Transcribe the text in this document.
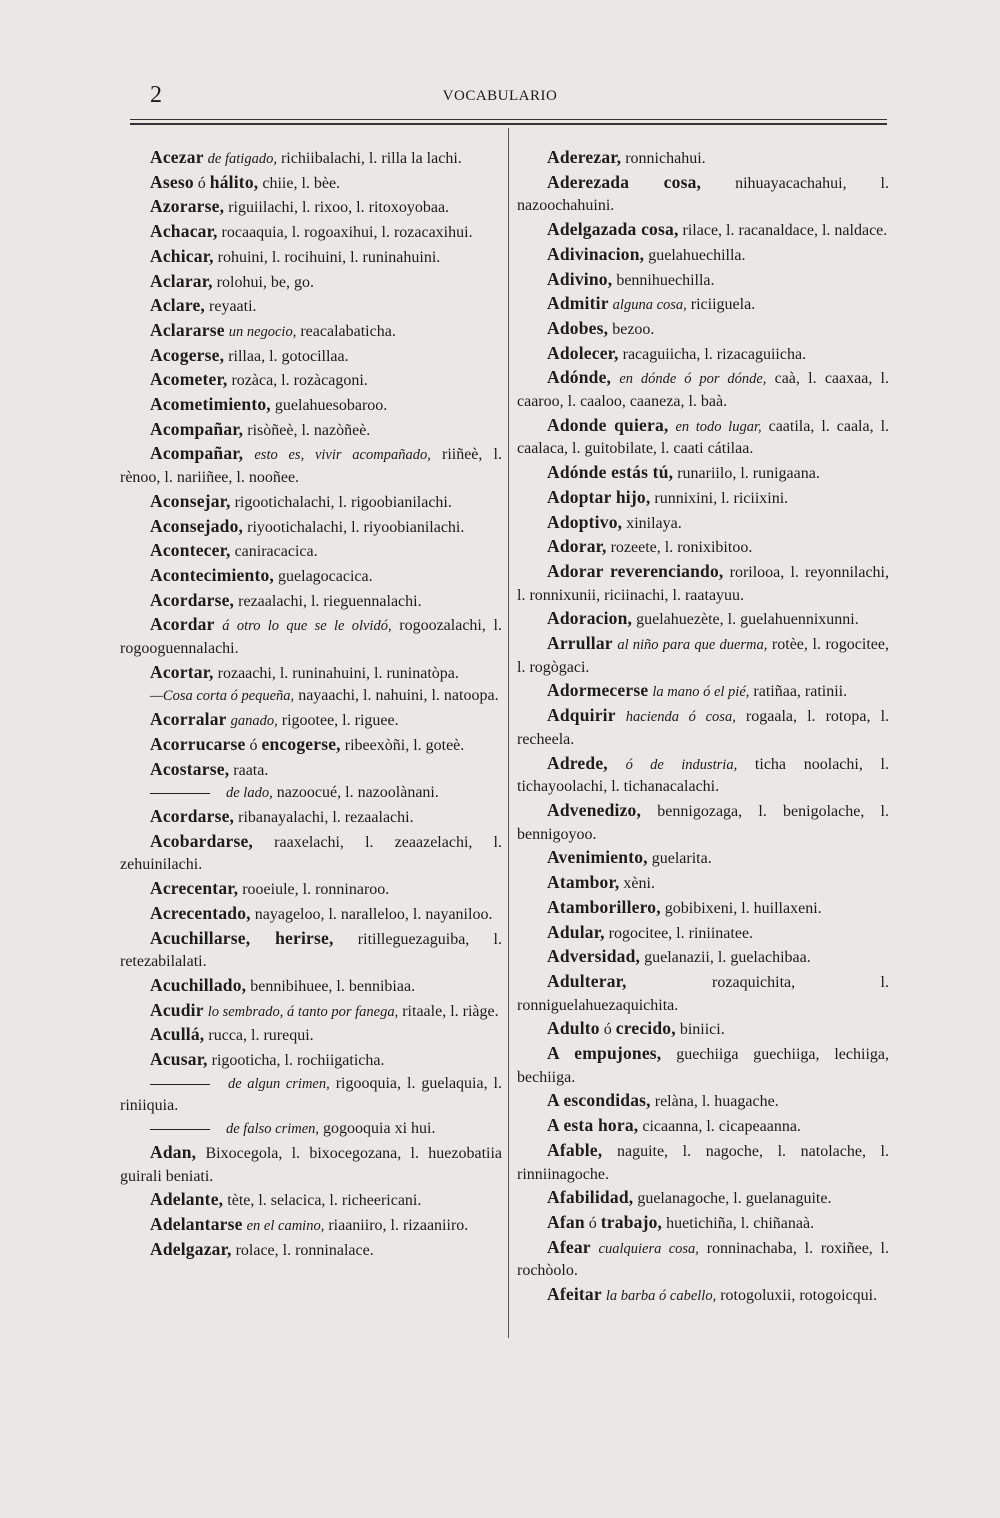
2	VOCABULARIO
Acezar de fatigado, richiibalachi, l. rilla la lachi.
Aseso ó hálito, chiie, l. bèe.
Azorarse, riguiilachi, l. rixoo, l. ritoxoyobaa.
Achacar, rocaaquia, l. rogoaxihui, l. rozacaxihui.
Achicar, rohuini, l. rocihuini, l. runinahuini.
Aclarar, rolohui, be, go.
Aclare, reyaati.
Aclararse un negocio, reacalabaticha.
Acogerse, rillaa, l. gotocillaa.
Acometer, rozàca, l. rozàcagoni.
Acometimiento, guelahuesobaroo.
Acompañar, risòñeè, l. nazòñeè.
Acompañar, esto es, vivir acompañado, riiñeè, l. rènoo, l. nariiñee, l. nooñee.
Aconsejar, rigootichalachi, l. rigoobianilachi.
Aconsejado, riyootichalachi, l. riyoobianilachi.
Acontecer, caniracacica.
Acontecimiento, guelagocacica.
Acordarse, rezaalachi, l. rieguennalachi.
Acordar á otro lo que se le olvidó, rogoozalachi, l. rogooguennalachi.
Acortar, rozaachi, l. runinahuini, l. runinatòpa.
—Cosa corta ó pequeña, nayaachi, l. nahuini, l. natoopa.
Acorralar ganado, rigootee, l. riguee.
Acorrucarse ó encogerse, ribeexòñi, l. goteè.
Acostarse, raata.
de lado, nazoocué, l. nazoolànani.
Acordarse, ribanayalachi, l. rezaalachi.
Acobardarse, raaxelachi, l. zeaazelachi, l. zehuinilachi.
Acrecentar, rooeiule, l. ronninaroo.
Acrecentado, nayageloo, l. naralleloo, l. nayaniloo.
Acuchillarse, herirse, ritilleguezaguiba, l. retezabilalati.
Acuchillado, bennibihuee, l. bennibiaa.
Acudir lo sembrado, á tanto por fanega, ritaale, l. riàge.
Acullá, rucca, l. rurequi.
Acusar, rigooticha, l. rochiigaticha.
de algun crimen, rigooquia, l. guelaquia, l. riniiquia.
de falso crimen, gogooquia xi hui.
Adan, Bixocegola, l. bixocegozana, l. huezobatiia guirali beniati.
Adelante, tète, l. selacica, l. richeericani.
Adelantarse en el camino, riaaniiro, l. rizaaniiro.
Adelgazar, rolace, l. ronninalace.
Aderezar, ronnichahui.
Aderezada cosa, nihuayacachahui, l. nazoochahuini.
Adelgazada cosa, rilace, l. racanaldace, l. naldace.
Adivinacion, guelahuechilla.
Adivino, bennihuechilla.
Admitir alguna cosa, riciiguela.
Adobes, bezoo.
Adolecer, racaguiicha, l. rizacaguiicha.
Adónde, en dónde ó por dónde, caà, l. caaxaa, l. caaroo, l. caaloo, caaneza, l. baà.
Adonde quiera, en todo lugar, caatila, l. caala, l. caalaca, l. guitobilate, l. caati cátilaa.
Adónde estás tú, runariilo, l. runigaana.
Adoptar hijo, runnixini, l. riciixini.
Adoptivo, xinilaya.
Adorar, rozeete, l. ronixibitoo.
Adorar reverenciando, rorilooa, l. reyonnilachi, l. ronnixunii, riciinachi, l. raatayuu.
Adoracion, guelahuezète, l. guelahuennixunni.
Arrullar al niño para que duerma, rotèe, l. rogocitee, l. rogògaci.
Adormecerse la mano ó el pié, ratiñaa, ratinii.
Adquirir hacienda ó cosa, rogaala, l. rotopa, l. recheela.
Adrede, ó de industria, ticha noolachi, l. tichayoolachi, l. tichanacalachi.
Advenedizo, bennigozaga, l. benigolache, l. bennigoyoo.
Avenimiento, guelarita.
Atambor, xèni.
Atamborillero, gobibixeni, l. huillaxeni.
Adular, rogocitee, l. riniinatee.
Adversidad, guelanazii, l. guelachibaa.
Adulterar, rozaquichita, l. ronniguelahuezaquichita.
Adulto ó crecido, biniici.
A empujones, guechiiga guechiiga, lechiiga, bechiiga.
A escondidas, relàna, l. huagache.
A esta hora, cicaanna, l. cicapeaanna.
Afable, naguite, l. nagoche, l. natolache, l. rinniinagoche.
Afabilidad, guelanagoche, l. guelanaguite.
Afan ó trabajo, huetichiña, l. chiñanaà.
Afear cualquiera cosa, ronninachaba, l. roxiñee, l. rochòolo.
Afeitar la barba ó cabello, rotogoluxii, rotogoicqui.
